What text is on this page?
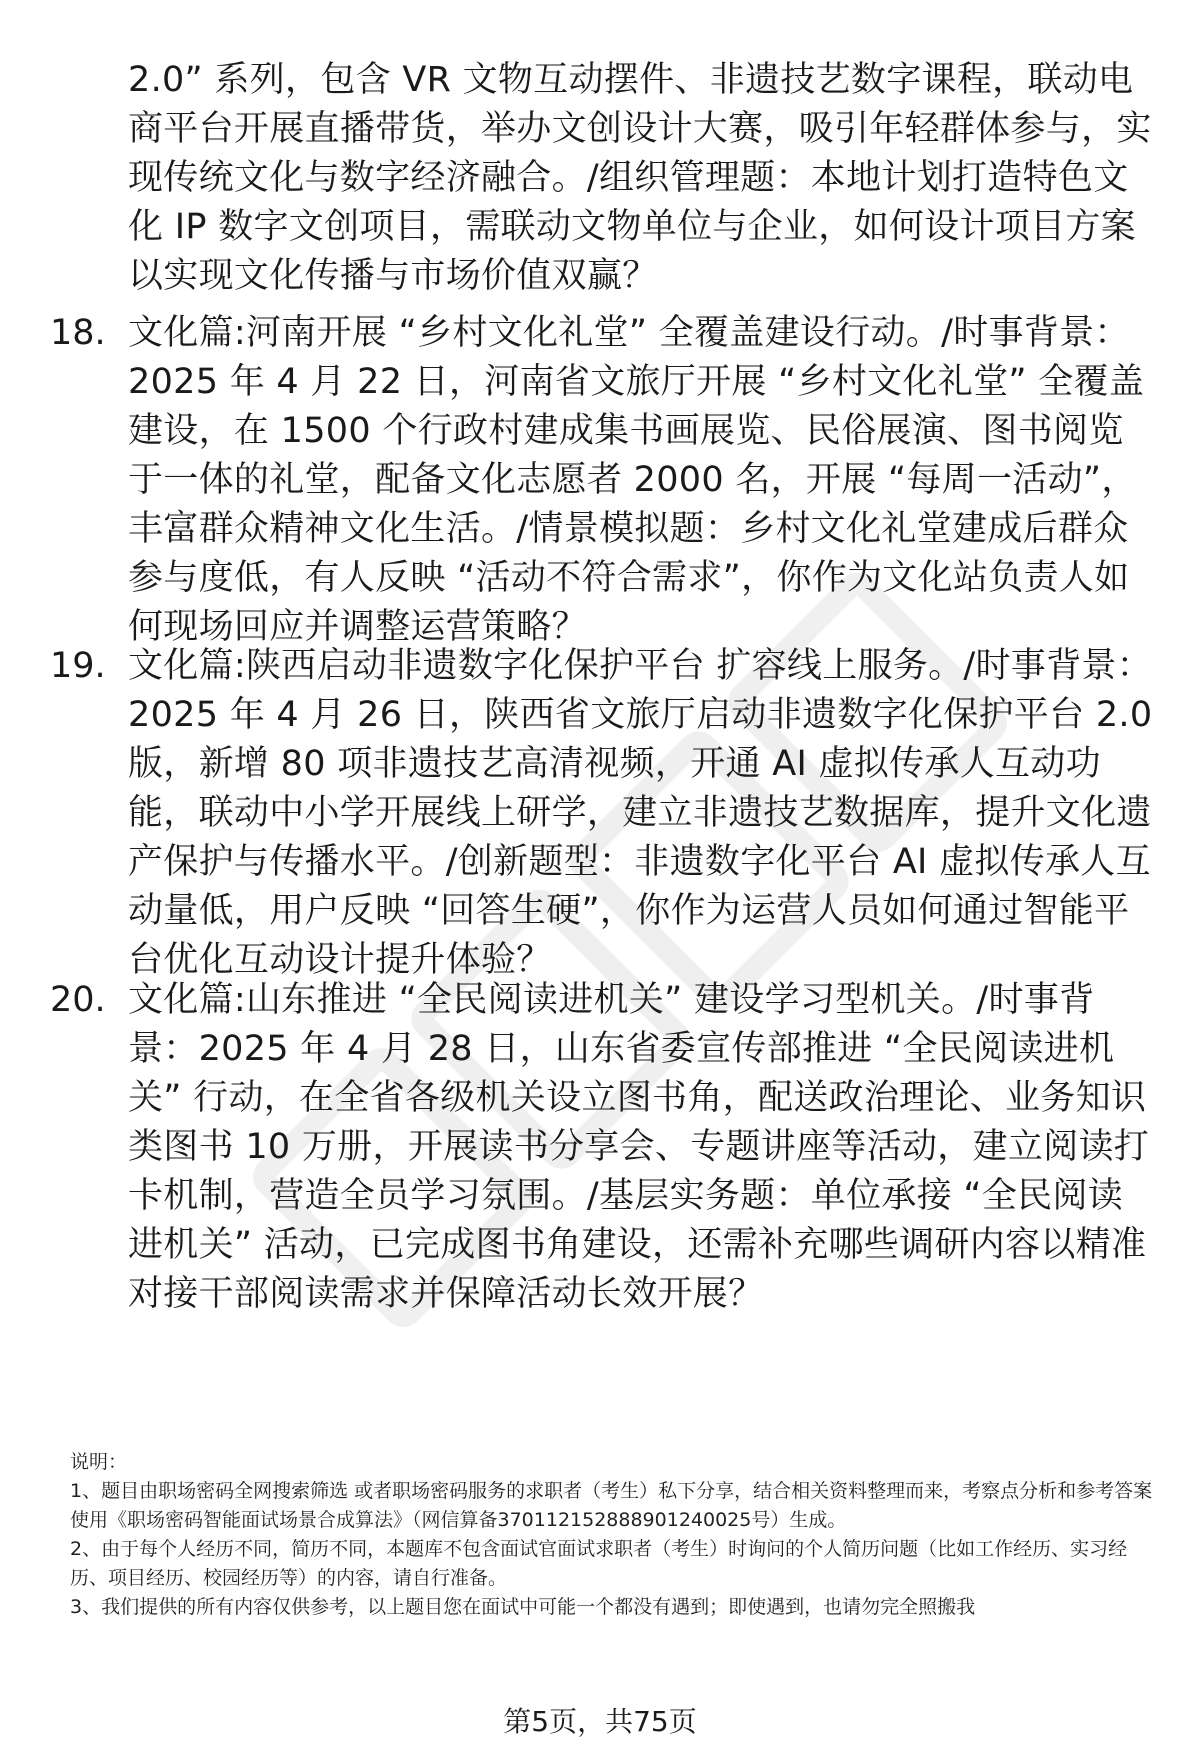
2.0” 系列，包含 VR 文物互动摆件、非遗技艺数字课程，联动电商平台开展直播带货，举办文创设计大赛，吸引年轻群体参与，实现传统文化与数字经济融合。/组织管理题：本地计划打造特色文化 IP 数字文创项目，需联动文物单位与企业，如何设计项目方案以实现文化传播与市场价值双赢？

18. 文化篇:河南开展 “乡村文化礼堂” 全覆盖建设行动。/时事背景：2025 年 4 月 22 日，河南省文旅厅开展 “乡村文化礼堂” 全覆盖建设，在 1500 个行政村建成集书画展览、民俗展演、图书阅览于一体的礼堂，配备文化志愿者 2000 名，开展 “每周一活动”，丰富群众精神文化生活。/情景模拟题：乡村文化礼堂建成后群众参与度低，有人反映 “活动不符合需求”，你作为文化站负责人如何现场回应并调整运营策略？

19. 文化篇:陕西启动非遗数字化保护平台 扩容线上服务。/时事背景：2025 年 4 月 26 日，陕西省文旅厅启动非遗数字化保护平台 2.0 版，新增 80 项非遗技艺高清视频，开通 AI 虚拟传承人互动功能，联动中小学开展线上研学，建立非遗技艺数据库，提升文化遗产保护与传播水平。/创新题型：非遗数字化平台 AI 虚拟传承人互动量低，用户反映 “回答生硬”，你作为运营人员如何通过智能平台优化互动设计提升体验？

20. 文化篇:山东推进 “全民阅读进机关” 建设学习型机关。/时事背景：2025 年 4 月 28 日，山东省委宣传部推进 “全民阅读进机关” 行动，在全省各级机关设立图书角，配送政治理论、业务知识类图书 10 万册，开展读书分享会、专题讲座等活动，建立阅读打卡机制，营造全员学习氛围。/基层实务题：单位承接 “全民阅读进机关” 活动，已完成图书角建设，还需补充哪些调研内容以精准对接干部阅读需求并保障活动长效开展？

说明：

1、题目由职场密码全网搜索筛选 或者职场密码服务的求职者（考生）私下分享，结合相关资料整理而来，考察点分析和参考答案使用《职场密码智能面试场景合成算法》（网信算备370112152888901240025号）生成。

2、由于每个人经历不同，简历不同，本题库不包含面试官面试求职者（考生）时询问的个人简历问题（比如工作经历、实习经历、项目经历、校园经历等）的内容，请自行准备。

3、我们提供的所有内容仅供参考，以上题目您在面试中可能一个都没有遇到；即使遇到，也请勿完全照搬我

第5页，共75页
